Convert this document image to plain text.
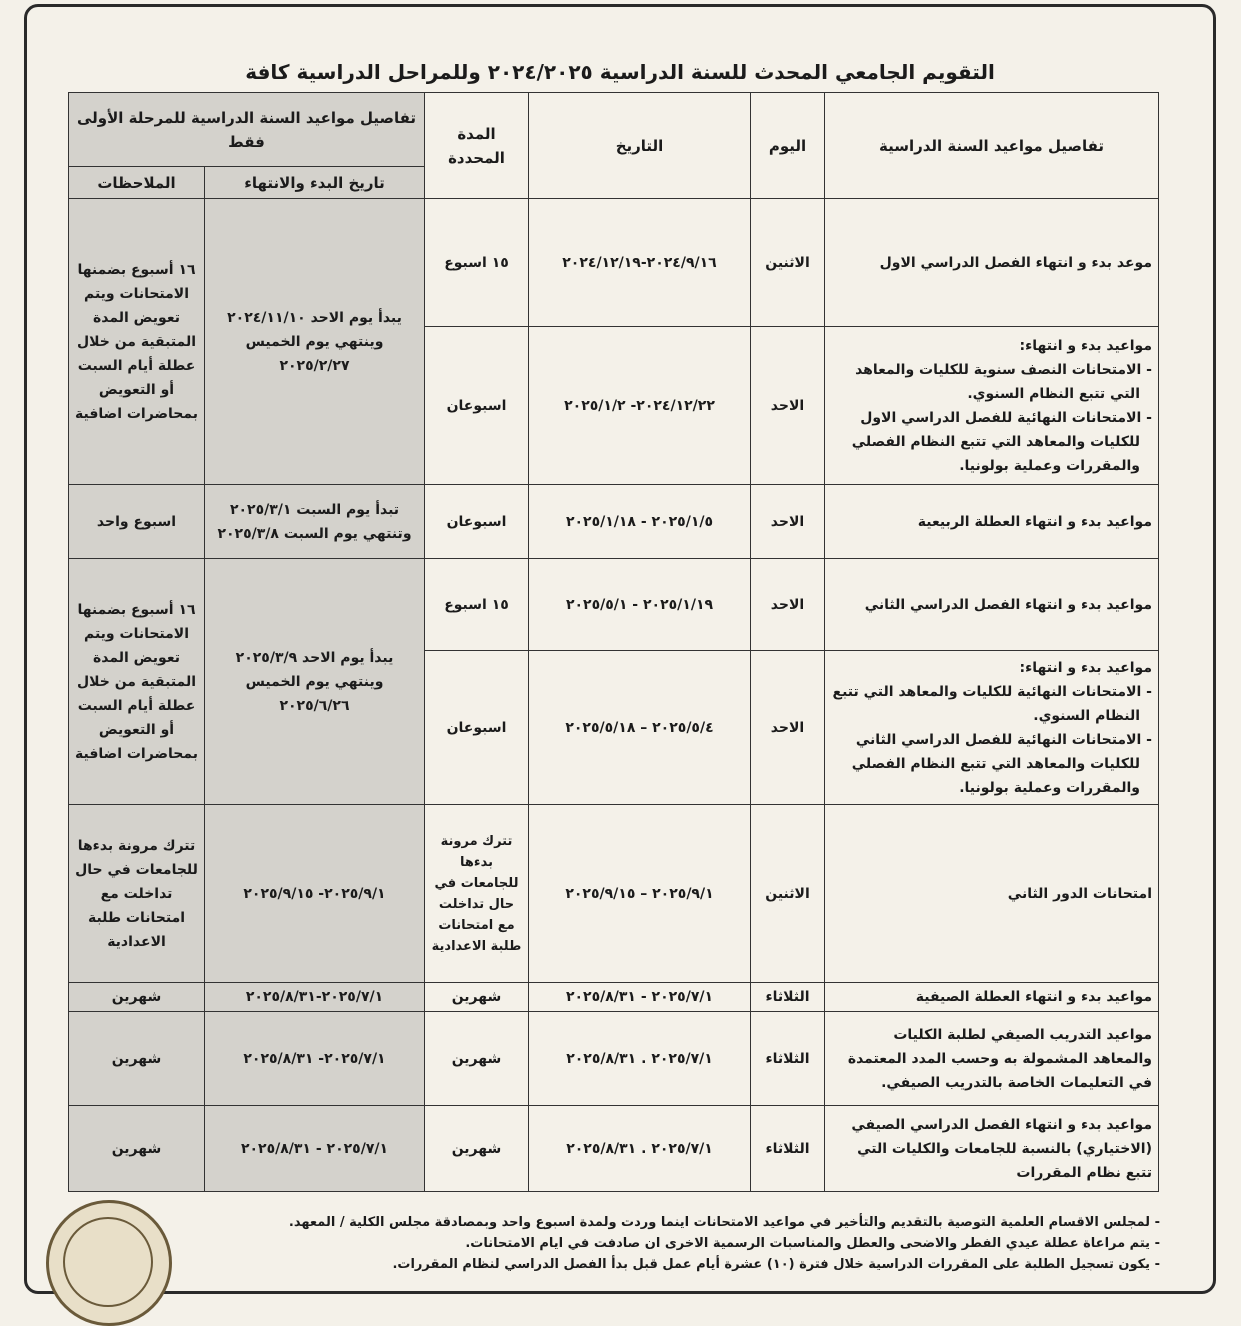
التقويم الجامعي المحدث للسنة الدراسية ٢٠٢٤/٢٠٢٥ وللمراحل الدراسية كافة
تفاصيل مواعيد السنة الدراسية	اليوم	التاريخ	المدة المحددة	تفاصيل مواعيد السنة الدراسية للمرحلة الأولى فقط	
				تاريخ البدء والانتهاء	الملاحظات
موعد بدء و انتهاء الفصل الدراسي الاول	الاثنين	٢٠٢٤/٩/١٦-٢٠٢٤/١٢/١٩	١٥ اسبوع	يبدأ يوم الاحد ٢٠٢٤/١١/١٠ وينتهي يوم الخميس ٢٠٢٥/٢/٢٧	١٦ أسبوع بضمنها الامتحانات ويتم تعويض المدة المتبقية من خلال عطلة أيام السبت أو التعويض بمحاضرات اضافية

مواعيد بدء و انتهاء:
- الامتحانات النصف سنوية للكليات والمعاهد التي تتبع النظام السنوي.
- الامتحانات النهائية للفصل الدراسي الاول للكليات والمعاهد التي تتبع النظام الفصلي والمقررات وعملية بولونيا.	الاحد	٢٠٢٤/١٢/٢٢- ٢٠٢٥/١/٢	اسبوعان		
مواعيد بدء و انتهاء العطلة الربيعية	الاحد	٢٠٢٥/١/٥ - ٢٠٢٥/١/١٨	اسبوعان	تبدأ يوم السبت ٢٠٢٥/٣/١ وتنتهي يوم السبت ٢٠٢٥/٣/٨	اسبوع واحد
مواعيد بدء و انتهاء الفصل الدراسي الثاني	الاحد	٢٠٢٥/١/١٩ - ٢٠٢٥/٥/١	١٥ اسبوع	يبدأ يوم الاحد ٢٠٢٥/٣/٩ وينتهي يوم الخميس ٢٠٢٥/٦/٢٦	١٦ أسبوع بضمنها الامتحانات ويتم تعويض المدة المتبقية من خلال عطلة أيام السبت أو التعويض بمحاضرات اضافية

مواعيد بدء و انتهاء:
- الامتحانات النهائية للكليات والمعاهد التي تتبع النظام السنوي.
- الامتحانات النهائية للفصل الدراسي الثاني للكليات والمعاهد التي تتبع النظام الفصلي والمقررات وعملية بولونيا.	الاحد	٢٠٢٥/٥/٤ – ٢٠٢٥/٥/١٨	اسبوعان		
امتحانات الدور الثاني	الاثنين	٢٠٢٥/٩/١ – ٢٠٢٥/٩/١٥	تترك مرونة بدءها للجامعات في حال تداخلت مع امتحانات طلبة الاعدادية	٢٠٢٥/٩/١- ٢٠٢٥/٩/١٥	تترك مرونة بدءها للجامعات في حال تداخلت مع امتحانات طلبة الاعدادية
مواعيد بدء و انتهاء العطلة الصيفية	الثلاثاء	٢٠٢٥/٧/١ - ٢٠٢٥/٨/٣١	شهرين	٢٠٢٥/٧/١-٢٠٢٥/٨/٣١	شهرين
مواعيد التدريب الصيفي لطلبة الكليات والمعاهد المشمولة به وحسب المدد المعتمدة في التعليمات الخاصة بالتدريب الصيفي.	الثلاثاء	٢٠٢٥/٧/١ . ٢٠٢٥/٨/٣١	شهرين	٢٠٢٥/٧/١- ٢٠٢٥/٨/٣١	شهرين
مواعيد بدء و انتهاء الفصل الدراسي الصيفي (الاختياري) بالنسبة للجامعات والكليات التي تتبع نظام المقررات	الثلاثاء	٢٠٢٥/٧/١ . ٢٠٢٥/٨/٣١	شهرين	٢٠٢٥/٧/١ - ٢٠٢٥/٨/٣١	شهرين
- لمجلس الاقسام العلمية التوصية بالتقديم والتأخير في مواعيد الامتحانات اينما وردت ولمدة اسبوع واحد وبمصادقة مجلس الكلية / المعهد.
- يتم مراعاة عطلة عيدي الفطر والاضحى والعطل والمناسبات الرسمية الاخرى ان صادفت في ايام الامتحانات.
- يكون تسجيل الطلبة على المقررات الدراسية خلال فترة (١٠) عشرة أيام عمل قبل بدأ الفصل الدراسي لنظام المقررات.
